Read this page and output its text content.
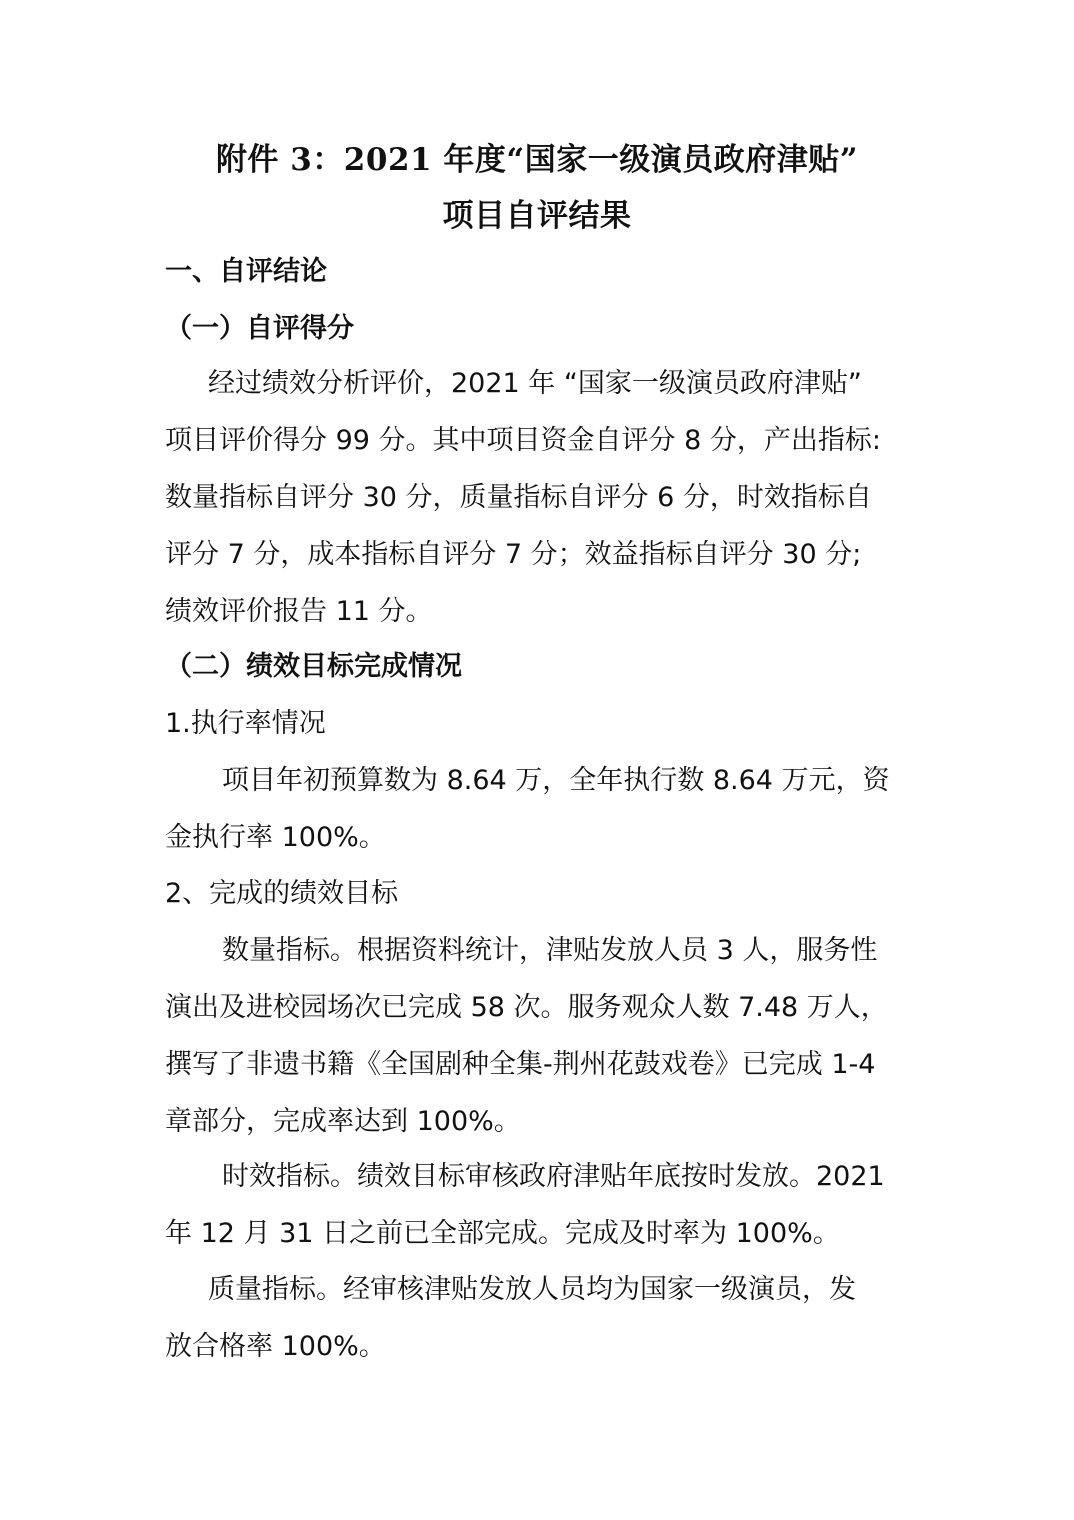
附件 3：2021 年度“国家一级演员政府津贴”
项目自评结果
一、自评结论
（一）自评得分
经过绩效分析评价，2021 年 “国家一级演员政府津贴”
项目评价得分 99 分。其中项目资金自评分 8 分，产出指标:
数量指标自评分 30 分，质量指标自评分 6 分，时效指标自
评分 7 分，成本指标自评分 7 分；效益指标自评分 30 分;
绩效评价报告 11 分。
（二）绩效目标完成情况
1.执行率情况
项目年初预算数为 8.64 万，全年执行数 8.64 万元，资
金执行率 100%。
2、完成的绩效目标
数量指标。根据资料统计，津贴发放人员 3 人，服务性
演出及进校园场次已完成 58 次。服务观众人数 7.48 万人，
撰写了非遗书籍《全国剧种全集-荆州花鼓戏卷》已完成 1-4
章部分，完成率达到 100%。
时效指标。绩效目标审核政府津贴年底按时发放。2021
年 12 月 31 日之前已全部完成。完成及时率为 100%。
质量指标。经审核津贴发放人员均为国家一级演员，发
放合格率 100%。
